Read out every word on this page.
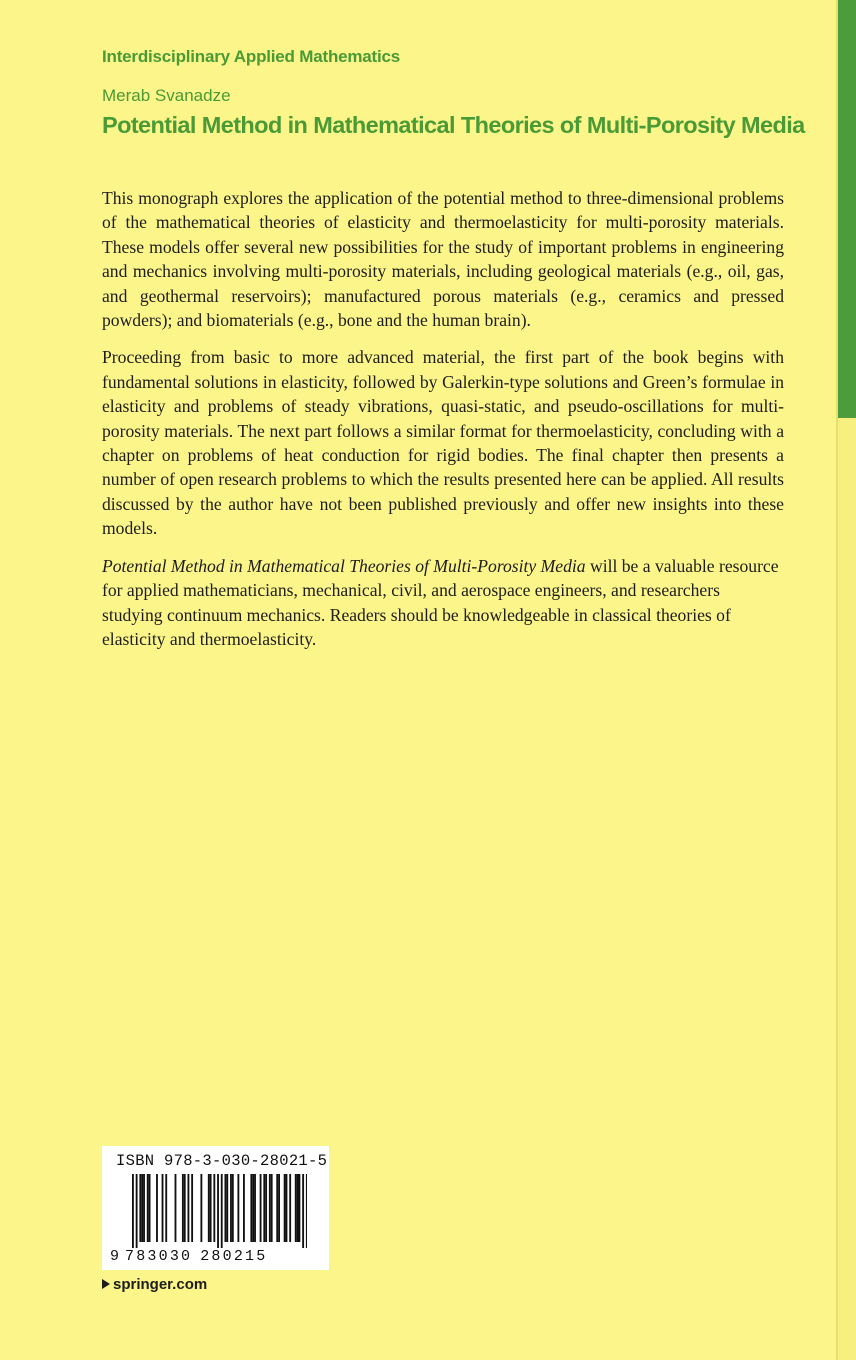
Interdisciplinary Applied Mathematics
Merab Svanadze
Potential Method in Mathematical Theories of Multi-Porosity Media

This monograph explores the application of the potential method to three-dimensional problems of the mathematical theories of elasticity and thermoelasticity for multi-porosity materials. These models offer several new possibilities for the study of important problems in engineering and mechanics involving multi-porosity materials, including geological materials (e.g., oil, gas, and geothermal reservoirs); manufactured porous materials (e.g., ceramics and pressed powders); and biomaterials (e.g., bone and the human brain).

Proceeding from basic to more advanced material, the first part of the book begins with fundamental solutions in elasticity, followed by Galerkin-type solutions and Green’s formulae in elasticity and problems of steady vibrations, quasi-static, and pseudo-oscillations for multi-porosity materials. The next part follows a similar format for thermoelasticity, concluding with a chapter on problems of heat conduction for rigid bodies. The final chapter then presents a number of open research problems to which the results presented here can be applied. All results discussed by the author have not been published previously and offer new insights into these models.

Potential Method in Mathematical Theories of Multi-Porosity Media will be a valuable resource for applied mathematicians, mechanical, civil, and aerospace engineers, and researchers studying continuum mechanics. Readers should be knowledgeable in classical theories of elasticity and thermoelasticity.

ISBN 978-3-030-28021-5
9 783030 280215
springer.com
